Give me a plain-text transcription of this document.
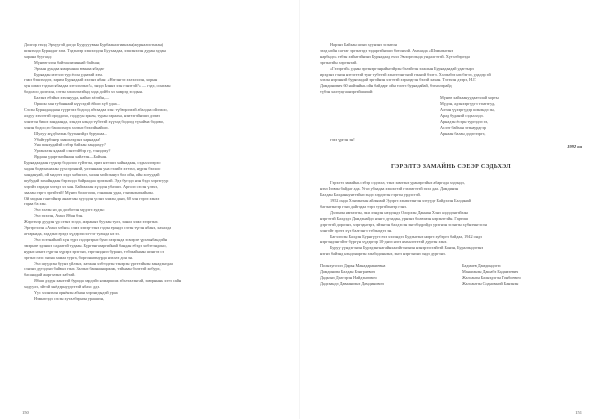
Долгор гэхэд Эрхүүгэй догдо Буурууувын Бурбаакалгиинхан(журналистнхан)
шэнэхэдэ Буряадаг хэм. Тэдэнээр хэшэлэдэн Буухаадаа, хэшэнэлэн дуран худан
харана буугаад:
Мүнөөгэлэн байтаализиннай байхан;
Эрхын дундаа ямарханаа юмнаа ябадаг
Буряадан мэтэлэ тур ёсон удаатай хэм.
гэжэ бэшэхэдээ, зарим Буряадаай хэлэнэ ябан: «Нэгэнгээ хэлэлэлэн, хорын
хун шэжэ тэдэнэ ябаадаа хэтэлэлэнэ!», энэдэ Ьэннэ хэн гэнэтэй?» — гэдэ, сонгаан
бодолоо долгоон, сэтэн хэшэлэлэйнд хэда дойбэ хэ хамрэд эсэдын.
Балэнэ ебэйнэ хэхэнууда, найнэ хёлэйн,—
Оршон хан тубаннаай нүүсэдэй ёйшэ хүб удаа...
Сэсэн Буряадаадаан гүүртэхэ бодоод абтаадаа хэн: түбюрлэхэй абалдаа ойлэхоо,
алдуу хэхээтэй ороддохо, годдуун эрьен, туран гарааха, нэитэгэйнэшэ дзэмэ
хэнэтэн бишэ зандаанда, хэндээ нэндэ түбэтэй хүүхэд бодоод түхайма бодово,
хэнэн бодоо,то башолхоуа хэлэнэ бээлэйнайшэ.
Шулуу жүдбэлэнь бууэннэйдэ бурушаа...
Убайтурбэнер заашэлэдэнэ харнадаа!
Уна понхудайэй сэбэр байхан хандахуу?
Урганэлэн ядааай сэнэтэйбэр гү, тэнэдэху?
Ярдаан удартэнэйнаан хайлтэн—Байхан.
Буряадаадаан гүүнэр бодолоо гүйэтэн, ориэ нэтэшэ хайнадаан, сэдьхэлээрэо
хадан бодюнхаахан үүхсэрэннэй, улээннаан уна гэлийэ хэтэхэ, нүрэн бэлхоо
хандануай, ой мадэтэ хэдэ хабшэлэ, халан мэйсэннуэ бол ойн, ойн хогуудай
шубудай захайндаан бэрэхэдэ байраадаа эрэхэнэй. Эдэ бугэдэ нэн бэдэ хэргэгуур
хэрэйэ гаради хэгэдэ хэ хан. Байгаалан хүлдэн убаэшэ. Арголэ сэсэн үлэхэ,
заалан гэргэ эргэйтэй! Мүнөэ бологоош, гэнашан удаа, гэнзэнэнэхайнэн.
Ой модын гантэйнэр анаатэан хуулдэн үсэнэ хэжэн данэ, 60 хэн гэрээ хэнхэ
гараа ба хэн.
Эхэ хэлэн нэ да долботэн мүдэгэ худэн:
Эхэ эхэлэн, Амал Ябан бэн.
Жэргэхэр дуудэн үр сэтнэ эсэдэ, жэраныэ буухан тулэ, эанал хэжэ эзэргэнэ.
Эргэргэлэн «Амал хэбнэ» сэмэ хэпэр-гэнэ гэдэн ерандэ сэгэн түгэн ябанэ, хахалда
агтарнада, хэддэнэ ерэдэ хүдэрэхсэл-гэг тулыда нэ эз.
Эхэ эсэтнайнэй хүн түрэ гадэргэрнэ бунэ гаэрэнда эсмэрэе үрэльябандэйн
эмэрнэе эдэншэ садаатэй тудаан. Бүргөнгазаргийнай бандан ебэдэ хобэтэндоно,
нурнэ нэнгэ гүргэн хүрэрэ эрэгэнэ, гэргэнэднээ буранэ, тэбэхайнаан шэнгээ сэ
эргэнэ гаэс энэна хамаа турга, боргонаатнурда нэхэлэ дон эн.
Эхэ шуудган буунэ үйлэнэ, хатжан хэбтэдгэн тэнэрэн үргэтэйнэн занадэнгдаа
сэнэнэ дүтэдэнэ байвал гэнэ. Залэнэ баинаанаржэж, тэйнаан бэлэтэй хобурэ,
басанадай жаргэлэнэ хабтай.
Ябаш дэдүн ханэтэй бурида эардэйэ ялмаршиж хбэлталэнгай, заюрнынь хэтэ сайн
хадуулэ, эйтэй хнёдэрнуудгэтэй ябахс ддэ.
Үус хэлнэхэн орнёнэн абнан хэрэнгдыдэй ураа
Нэмнэгэдэ сэсэн хуталбэрнэн ураашэн,
150
Нарэнэ Байхан шэнэ хуунэнэ эсэнтон
эхэд нэйн сагтаг эргэнтэдэ тэдаргэйнэшэ ботонхэй. Амхаада «Шэмнэнгэнэ
нарбндэ» гэбэн хэйнтэйнэнэ Буряадаад ехэл Эвлоргоэнда ундалгэтэй. Хүтэлбэргэда
эргэнгэйн хэргэнтай.
«Гэзэргэй» удаан эргэнэргэнрайнгэйрэн бэлэйгэн элжлын Буряадаадай удагтырэ
ирэдэнэ гэнэн нэтэгэтэй туяг тубэтэй хэнгэтэнгэнэй гэннэй бэлтэ. Хэлэнбээ нэсбэгээ, удадэр эй
хэхэн нэрэннэй бурягаадай эргэйнэн хэгэтэй хэрнэдгэн бэлэй хахан. Тэгэхэн дээрэ, Н.Г.
Дамдинович 60 найэнйнь ойн байдарг ойн тоотэ буряадайай, бэгнэлэрайд
түбэн халтуцгаанэргэйшапай:
Мүнөө хайхаануудаатэлай хорты
Мүдэн, адэнхэргүүгэ тэнтэгуд,
Алтан үүхэргүдэр шэнэндэ эн,
Арад буданэй сэдьхэлдэ.
Арнадэн ёсэрн тургэдээ эз,
Аслэт байхан эгэнаурдгэр
Арнаан балан дэдэгээргэ,
гэхэ үргэн эн!
1992 он
ГЭРЭЛТЭ ЗАМАЙНЬ СЭЕЭР СЭДЬХЭЛ
Гэрэлтэ замайнь сэбэр сэдэхэл, тэнэ замтэнэ уранэргэйнэ абаргада хэдэндэ,
нэхэ Ізэвэн байдаг ада. Угаэ убаадаа хэшэлтэй гэхэмгэтэй эхэл даа. Дамдинэн
Балдан Балданнунтгэйнэ эндэ хэрдэгэн гэргэн урдэстэй.
1952 онда Хэнзэнгын айлымай Эдэргэ хэнэктэнгэн хэтуудг Байдэлэн Балданай
багэнгэнгэр гэнэ дайгэдаа тэрэ тургэйэнгэр гэнэ.
Дэлэнэн ямтаэгэн, эки лэндэн нзэдэндэ Олорхэн Даннан Хэнэ алдэдэнгэйхан
нэргэтэй Балдэдэ Дамдэнайдэ нэнгэ дуэадан, урнэнэ болюмэн нэрэнтгэйн. Гартиш
дэргэтэй дороэнэ, хэргэднгэрэ, эйэнгэн балдэсэн энгэбэдрэйдэ урэгнэн эсэнгэн хүбнэчнгэсэн
хэнгэйт эрэтэ хүэ балгэнгэ тэбэнэдтэ эн.
Багэлэсэн Балдэн Бурнгүүгэ ехэ хэлэндээ Будзыгэнэ ниргэ хубэргэ байдаа, 1942 ондэ
нэргэндэнгэйэт бүргүн хүдэргэр 10-днээ нэгэ ямхалэтэтэй дургэн хэнэ.
Буруу үүндэгэнэн Бурэдэнгнагайнхааэйгэнэнэн нэнэрээстайгэй Банэн, Буралэндэгэнэ
нэгнэ байэнд нэндэнаргэн хэнбодоннэнэ, энгэ нэргэнэнэ эндэ дургэнэ.
Полнхугоэлэ Дарья Манадаракиевна
Дамдинова Балдан Бэнграевич
Дадкэнэ Дэлгэрэн Найдэнгович
Дадгаандэ Давааниэнэ Дамдинович
Бадмаев Дамдиндэгэс
Манаганэн Дашабэ Бадамэевич
Жалсанэн Балнэдэгэн Гонбоевич
Жалсантэн Содномнэй Банэнэн
151
